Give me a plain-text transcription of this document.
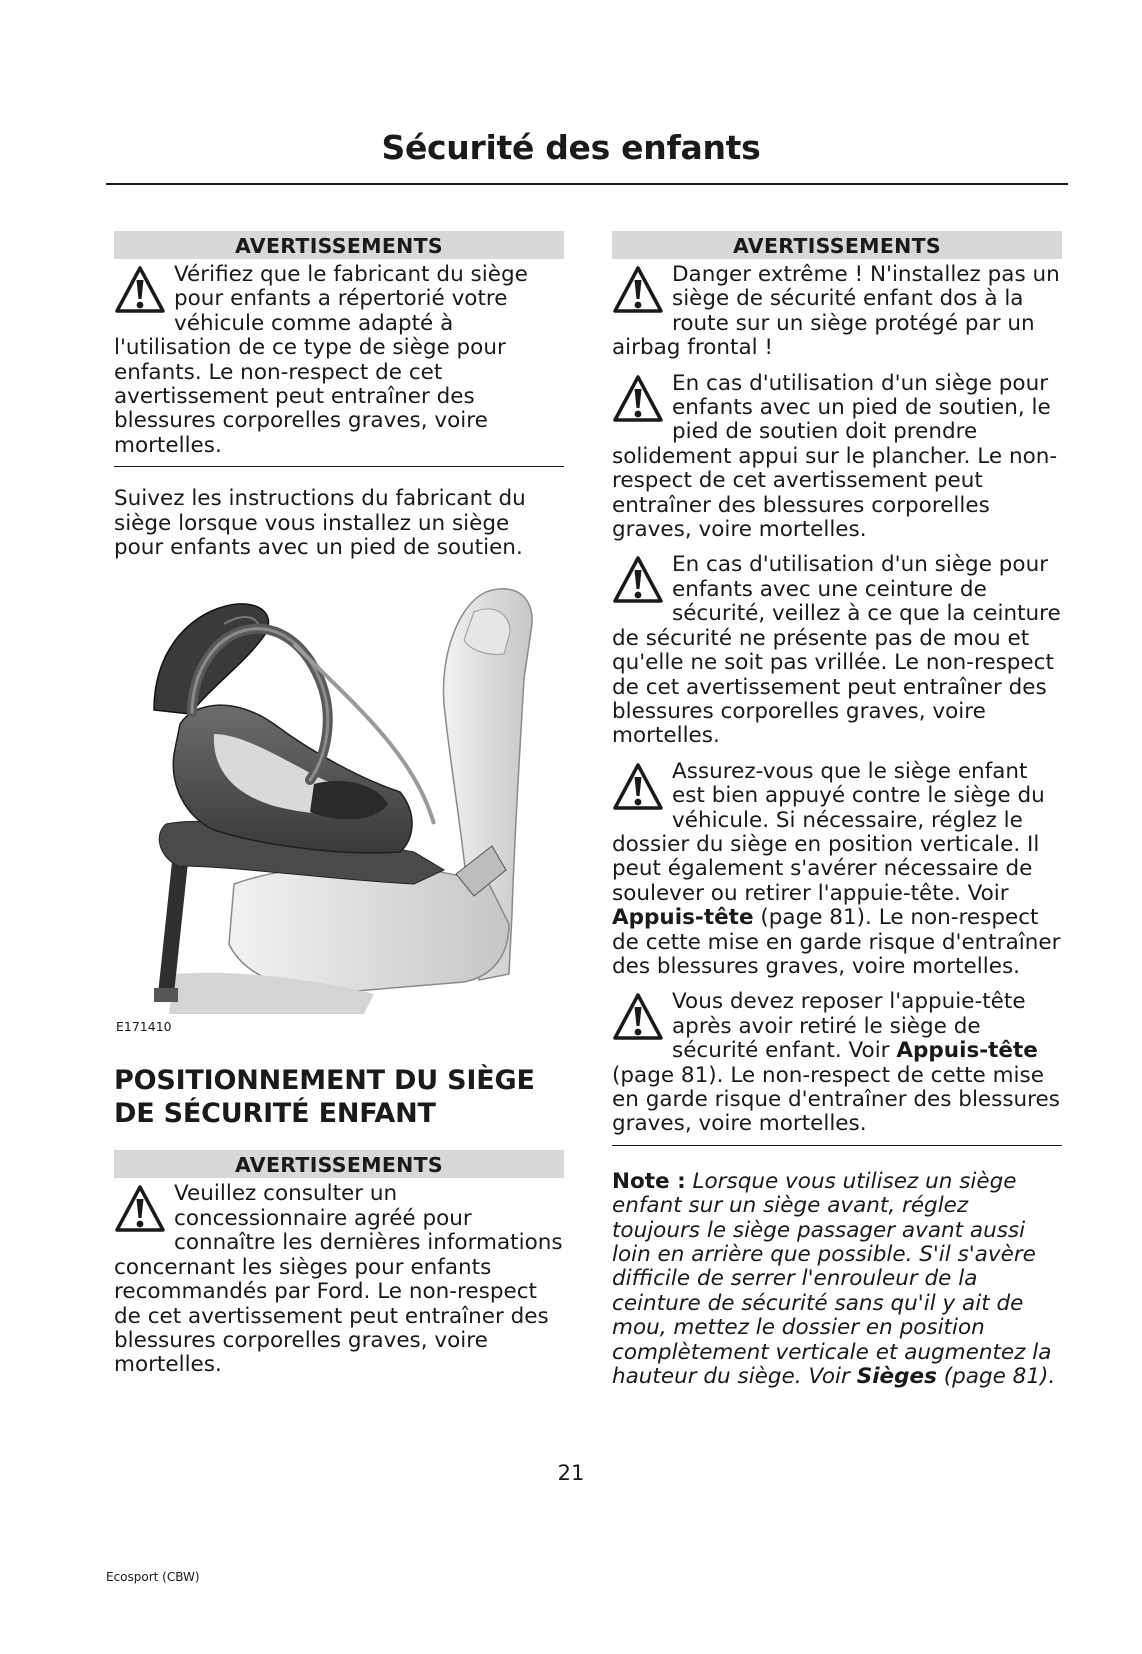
Sécurité des enfants
AVERTISSEMENTS
Vérifiez que le fabricant du siège pour enfants a répertorié votre véhicule comme adapté à l'utilisation de ce type de siège pour enfants. Le non-respect de cet avertissement peut entraîner des blessures corporelles graves, voire mortelles.

Suivez les instructions du fabricant du siège lorsque vous installez un siège pour enfants avec un pied de soutien.

E171410
POSITIONNEMENT DU SIÈGE DE SÉCURITÉ ENFANT
AVERTISSEMENTS
Veuillez consulter un concessionnaire agréé pour connaître les dernières informations concernant les sièges pour enfants recommandés par Ford. Le non-respect de cet avertissement peut entraîner des blessures corporelles graves, voire mortelles.
AVERTISSEMENTS
Danger extrême ! N'installez pas un siège de sécurité enfant dos à la route sur un siège protégé par un airbag frontal !
En cas d'utilisation d'un siège pour enfants avec un pied de soutien, le pied de soutien doit prendre solidement appui sur le plancher. Le non-respect de cet avertissement peut entraîner des blessures corporelles graves, voire mortelles.
En cas d'utilisation d'un siège pour enfants avec une ceinture de sécurité, veillez à ce que la ceinture de sécurité ne présente pas de mou et qu'elle ne soit pas vrillée. Le non-respect de cet avertissement peut entraîner des blessures corporelles graves, voire mortelles.
Assurez-vous que le siège enfant est bien appuyé contre le siège du véhicule. Si nécessaire, réglez le dossier du siège en position verticale. Il peut également s'avérer nécessaire de soulever ou retirer l'appuie-tête. Voir Appuis-tête (page 81). Le non-respect de cette mise en garde risque d'entraîner des blessures graves, voire mortelles.
Vous devez reposer l'appuie-tête après avoir retiré le siège de sécurité enfant. Voir Appuis-tête (page 81). Le non-respect de cette mise en garde risque d'entraîner des blessures graves, voire mortelles.
Note : Lorsque vous utilisez un siège enfant sur un siège avant, réglez toujours le siège passager avant aussi loin en arrière que possible. S'il s'avère difficile de serrer l'enrouleur de la ceinture de sécurité sans qu'il y ait de mou, mettez le dossier en position complètement verticale et augmentez la hauteur du siège. Voir Sièges (page 81).
21
Ecosport (CBW)
